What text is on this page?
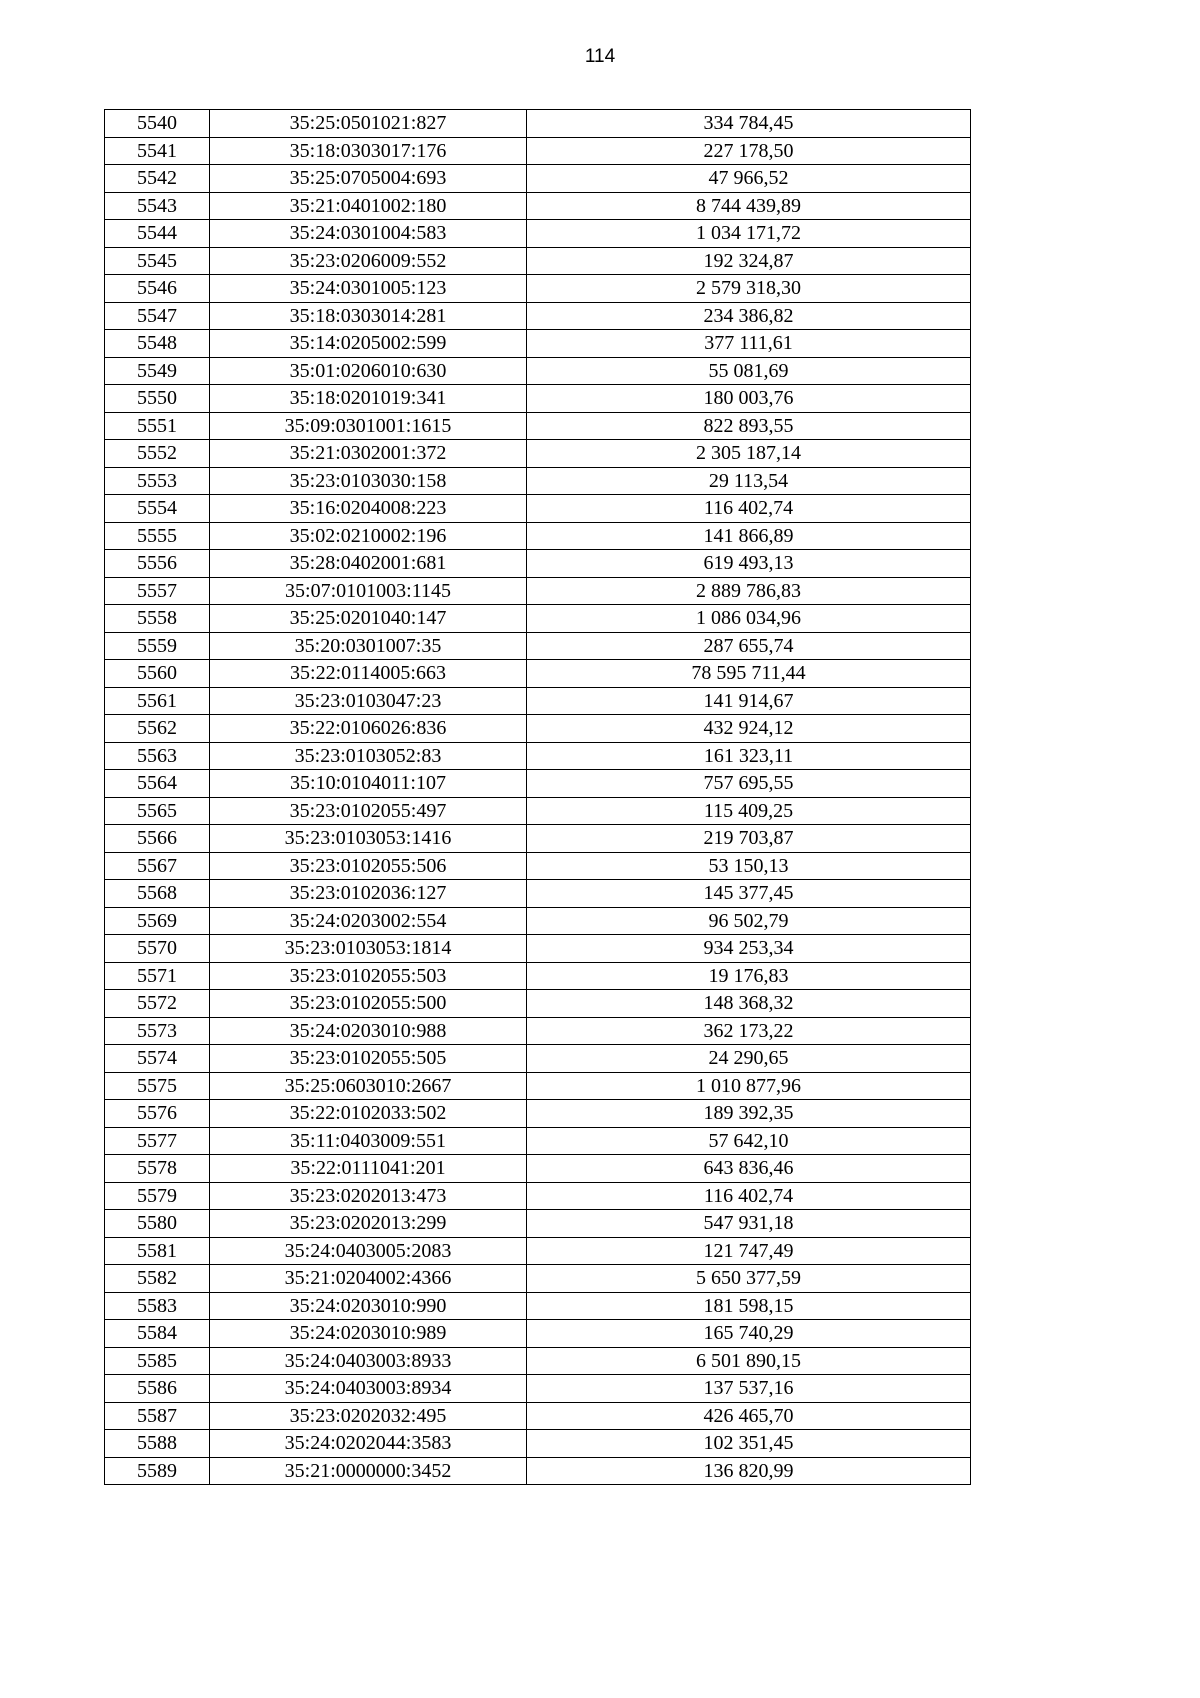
114
5540	35:25:0501021:827	334 784,45
5541	35:18:0303017:176	227 178,50
5542	35:25:0705004:693	47 966,52
5543	35:21:0401002:180	8 744 439,89
5544	35:24:0301004:583	1 034 171,72
5545	35:23:0206009:552	192 324,87
5546	35:24:0301005:123	2 579 318,30
5547	35:18:0303014:281	234 386,82
5548	35:14:0205002:599	377 111,61
5549	35:01:0206010:630	55 081,69
5550	35:18:0201019:341	180 003,76
5551	35:09:0301001:1615	822 893,55
5552	35:21:0302001:372	2 305 187,14
5553	35:23:0103030:158	29 113,54
5554	35:16:0204008:223	116 402,74
5555	35:02:0210002:196	141 866,89
5556	35:28:0402001:681	619 493,13
5557	35:07:0101003:1145	2 889 786,83
5558	35:25:0201040:147	1 086 034,96
5559	35:20:0301007:35	287 655,74
5560	35:22:0114005:663	78 595 711,44
5561	35:23:0103047:23	141 914,67
5562	35:22:0106026:836	432 924,12
5563	35:23:0103052:83	161 323,11
5564	35:10:0104011:107	757 695,55
5565	35:23:0102055:497	115 409,25
5566	35:23:0103053:1416	219 703,87
5567	35:23:0102055:506	53 150,13
5568	35:23:0102036:127	145 377,45
5569	35:24:0203002:554	96 502,79
5570	35:23:0103053:1814	934 253,34
5571	35:23:0102055:503	19 176,83
5572	35:23:0102055:500	148 368,32
5573	35:24:0203010:988	362 173,22
5574	35:23:0102055:505	24 290,65
5575	35:25:0603010:2667	1 010 877,96
5576	35:22:0102033:502	189 392,35
5577	35:11:0403009:551	57 642,10
5578	35:22:0111041:201	643 836,46
5579	35:23:0202013:473	116 402,74
5580	35:23:0202013:299	547 931,18
5581	35:24:0403005:2083	121 747,49
5582	35:21:0204002:4366	5 650 377,59
5583	35:24:0203010:990	181 598,15
5584	35:24:0203010:989	165 740,29
5585	35:24:0403003:8933	6 501 890,15
5586	35:24:0403003:8934	137 537,16
5587	35:23:0202032:495	426 465,70
5588	35:24:0202044:3583	102 351,45
5589	35:21:0000000:3452	136 820,99
